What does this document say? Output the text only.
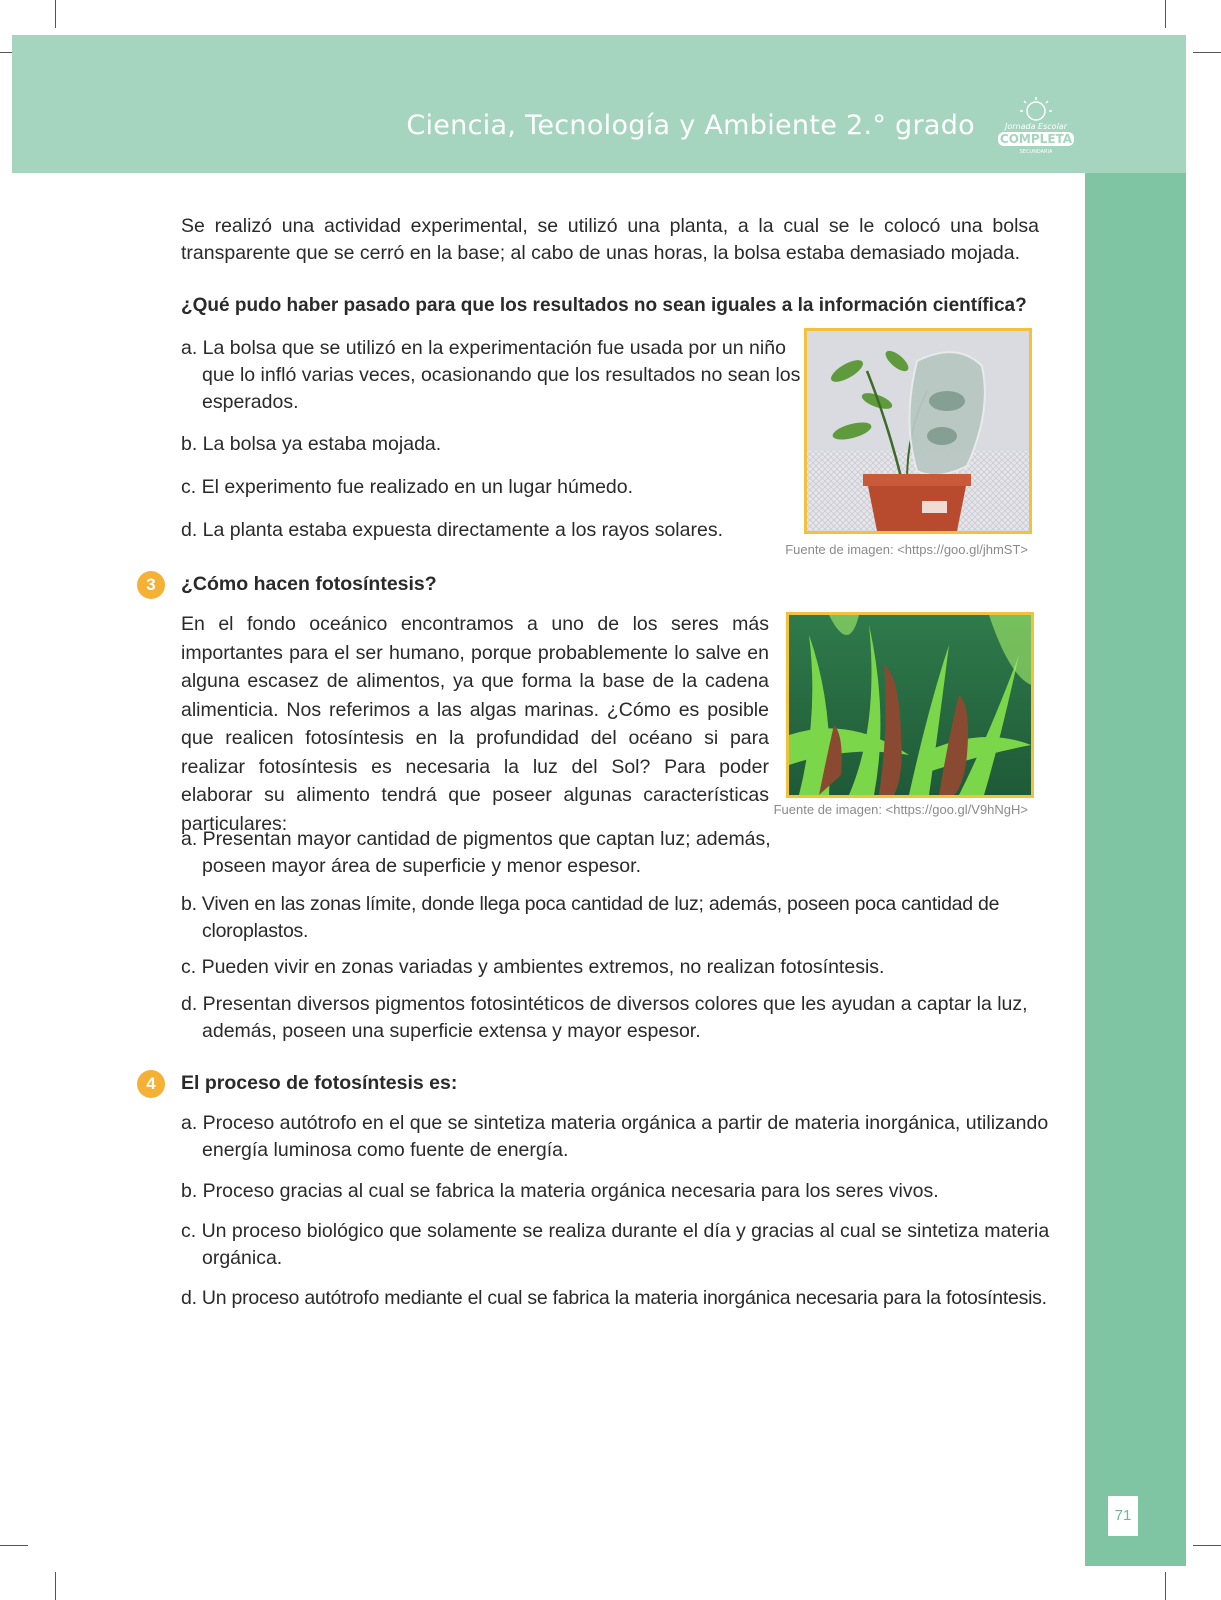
Ciencia, Tecnología y Ambiente 2.° grado	Jornada Escolar
COMPLETA
SECUNDARIA
71
Se realizó una actividad experimental, se utilizó una planta, a la cual se le colocó una bolsa transparente que se cerró en la base; al cabo de unas horas, la bolsa estaba demasiado mojada.
¿Qué pudo haber pasado para que los resultados no sean iguales a la información científica?
a. La bolsa que se utilizó en la experimentación fue usada por un niño que lo infló varias veces, ocasionando que los resultados no sean los esperados.
b. La bolsa ya estaba mojada.
c. El experimento fue realizado en un lugar húmedo.
d. La planta estaba expuesta directamente a los rayos solares.
Fuente de imagen: <https://goo.gl/jhmST>
3	¿Cómo hacen fotosíntesis?
En el fondo oceánico encontramos a uno de los seres más importantes para el ser humano, porque probablemente lo salve en alguna escasez de alimentos, ya que forma la base de la cadena alimenticia. Nos referimos a las algas marinas. ¿Cómo es posible que realicen fotosíntesis en la profundidad del océano si para realizar fotosíntesis es necesaria la luz del Sol? Para poder elaborar su alimento tendrá que poseer algunas características particulares:
Fuente de imagen: <https://goo.gl/V9hNgH>
a. Presentan mayor cantidad de pigmentos que captan luz; además, poseen mayor área de superficie y menor espesor.
b. Viven en las zonas límite, donde llega poca cantidad de luz; además, poseen poca cantidad de cloroplastos.
c. Pueden vivir en zonas variadas y ambientes extremos, no realizan fotosíntesis.
d. Presentan diversos pigmentos fotosintéticos de diversos colores que les ayudan a captar la luz, además, poseen una superficie extensa y mayor espesor.
4	El proceso de fotosíntesis es:
a. Proceso autótrofo en el que se sintetiza materia orgánica a partir de materia inorgánica, utilizando energía luminosa como fuente de energía.
b. Proceso gracias al cual se fabrica la materia orgánica necesaria para los seres vivos.
c. Un proceso biológico que solamente se realiza durante el día y gracias al cual se sintetiza materia orgánica.
d. Un proceso autótrofo mediante el cual se fabrica la materia inorgánica necesaria para la fotosíntesis.
